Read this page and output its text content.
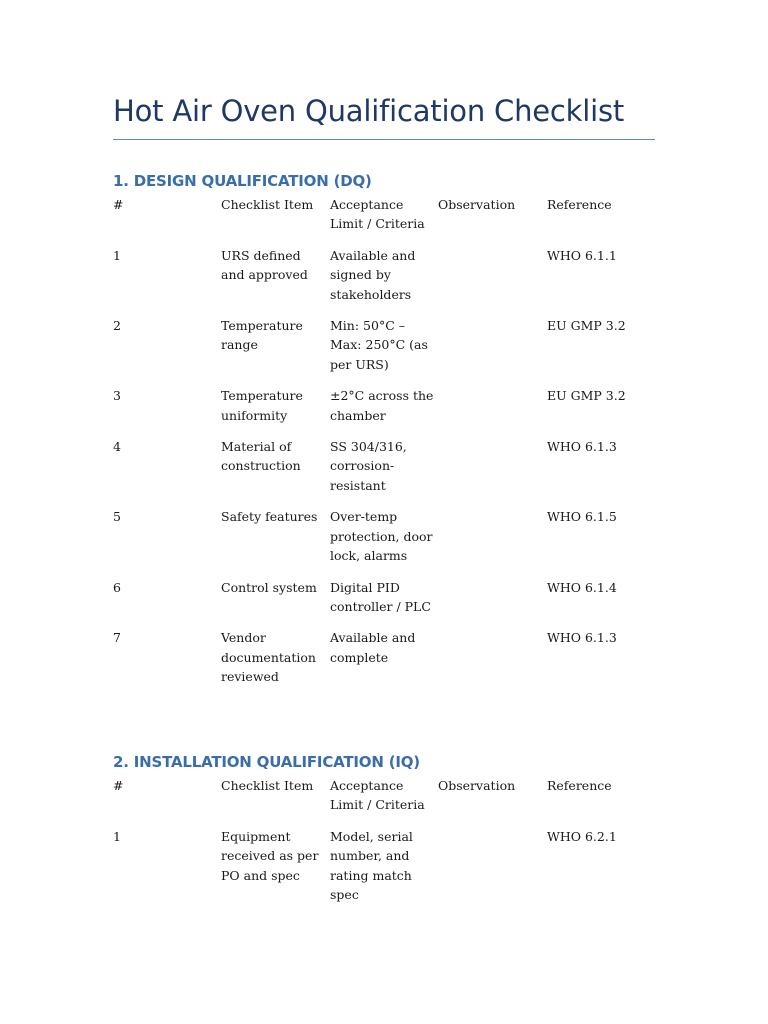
Hot Air Oven Qualification Checklist
1. DESIGN QUALIFICATION (DQ)
#	Checklist Item	Acceptance Limit / Criteria	Observation	Reference
1	URS defined and approved	Available and signed by stakeholders		WHO 6.1.1
2	Temperature range	Min: 50°C – Max: 250°C (as per URS)		EU GMP 3.2
3	Temperature uniformity	±2°C across the chamber		EU GMP 3.2
4	Material of construction	SS 304/316, corrosion-resistant		WHO 6.1.3
5	Safety features	Over-temp protection, door lock, alarms		WHO 6.1.5
6	Control system	Digital PID controller / PLC		WHO 6.1.4
7	Vendor documentation reviewed	Available and complete		WHO 6.1.3
2. INSTALLATION QUALIFICATION (IQ)
#	Checklist Item	Acceptance Limit / Criteria	Observation	Reference
1	Equipment received as per PO and spec	Model, serial number, and rating match spec		WHO 6.2.1
